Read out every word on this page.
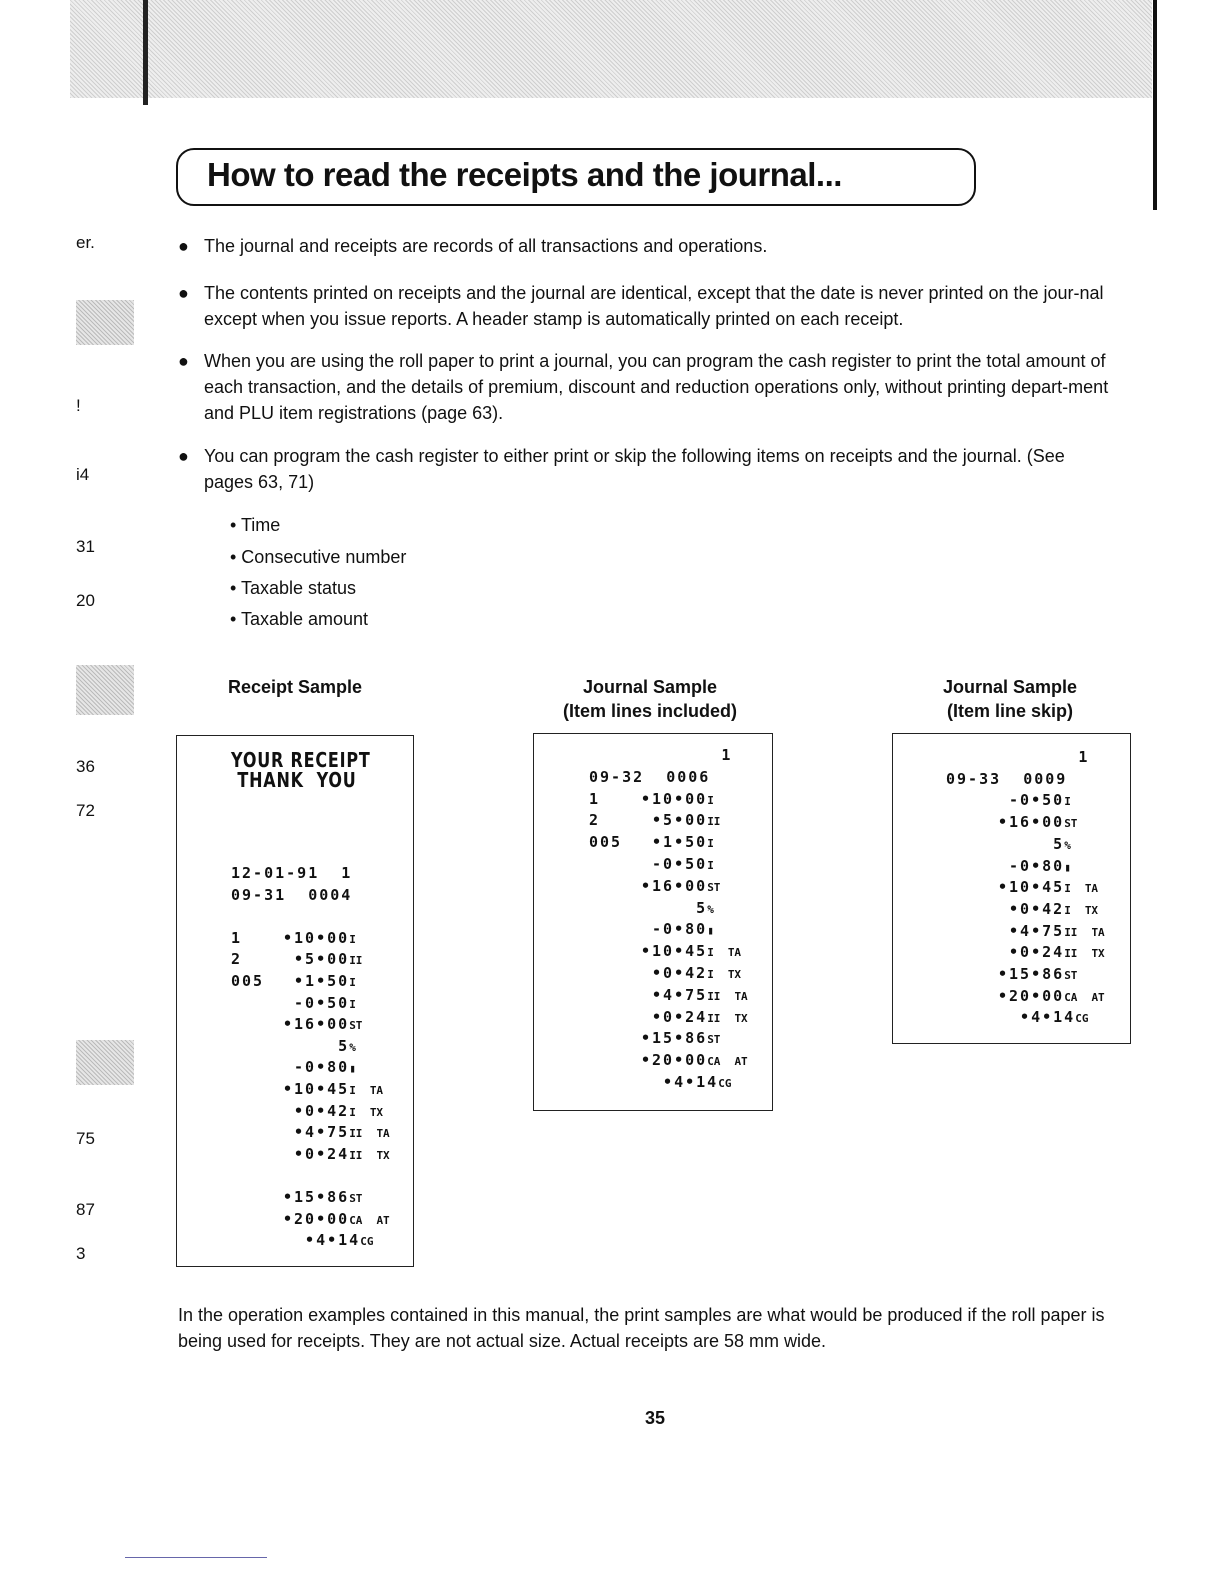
How to read the receipts and the journal...
er.
!
i4
31
20
36
72
75
87
3
● The journal and receipts are records of all transactions and operations.
● The contents printed on receipts and the journal are identical, except that the date is never printed on the jour-nal except when you issue reports. A header stamp is automatically printed on each receipt.
● When you are using the roll paper to print a journal, you can program the cash register to print the total amount of each transaction, and the details of premium, discount and reduction operations only, without printing depart-ment and PLU item registrations (page 63).
● You can program the cash register to either print or skip the following items on receipts and the journal. (See pages 63, 71)
• Time
• Consecutive number
• Taxable status
• Taxable amount
Receipt Sample	Journal Sample
(Item lines included)
Journal Sample
(Item line skip)
YOUR RECEIPT
THANK  YOU
12-01-91  1
09-31  0004
1	•10•00I
2	•5•00II
005 •1•50I
-0•50I
•16•00ST
5%
-0•80▮
•10•45I TA
•0•42I TX
•4•75II TA
•0•24II TX
•15•86ST
•20•00CA AT
•4•14CG
1
09-32  0006
1	•10•00I
2	•5•00II
005 •1•50I
-0•50I
•16•00ST
5%
-0•80▮
•10•45I TA
•0•42I TX
•4•75II TA
•0•24II TX
•15•86ST
•20•00CA AT
•4•14CG
1
09-33  0009
-0•50I
•16•00ST
5%
-0•80▮
•10•45I TA
•0•42I TX
•4•75II TA
•0•24II TX
•15•86ST
•20•00CA AT
•4•14CG
In the operation examples contained in this manual, the print samples are what would be produced if the roll paper is being used for receipts. They are not actual size. Actual receipts are 58 mm wide.
35
